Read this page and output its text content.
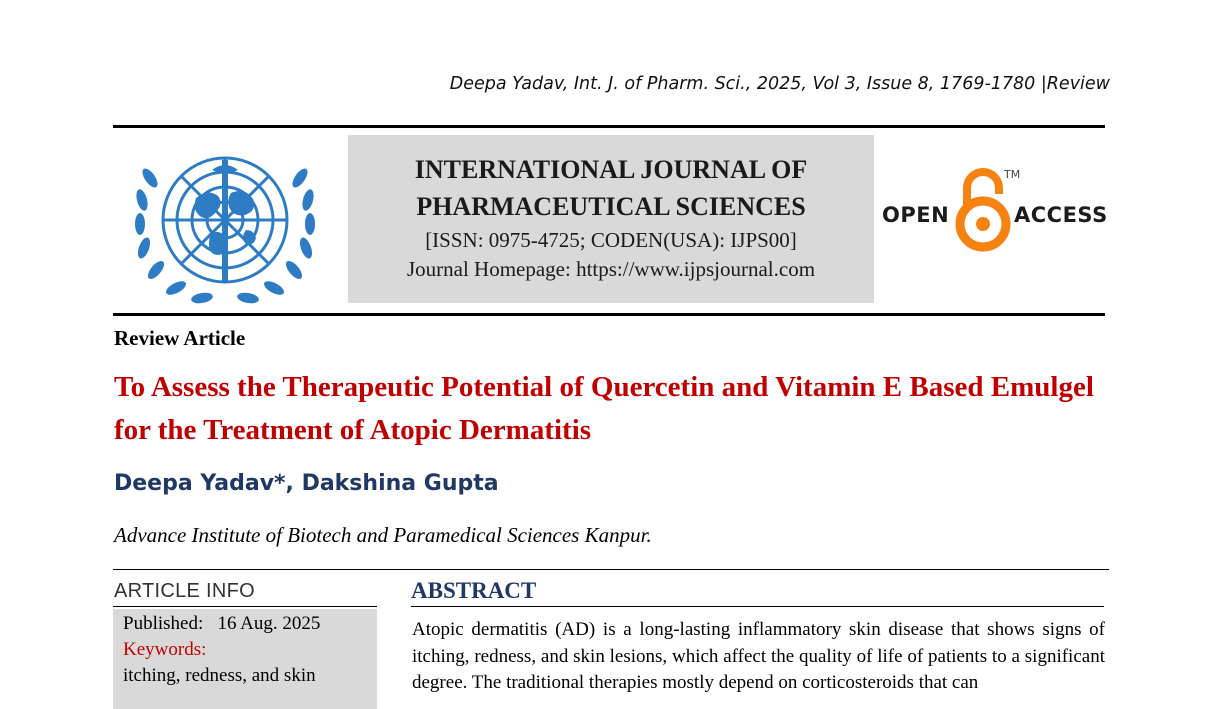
Deepa Yadav, Int. J. of Pharm. Sci., 2025, Vol 3, Issue 8, 1769-1780 |Review
INTERNATIONAL JOURNAL OF
PHARMACEUTICAL SCIENCES
[ISSN: 0975-4725; CODEN(USA): IJPS00]
Journal Homepage: https://www.ijpsjournal.com
OPEN
TM
ACCESS
Review Article
To Assess the Therapeutic Potential of Quercetin and Vitamin E Based Emulgel for the Treatment of Atopic Dermatitis
Deepa Yadav*, Dakshina Gupta
Advance Institute of Biotech and Paramedical Sciences Kanpur.
ARTICLE INFO
Published: 16 Aug. 2025
Keywords:
itching, redness, and skin
ABSTRACT
Atopic dermatitis (AD) is a long-lasting inflammatory skin disease that shows signs of itching, redness, and skin lesions, which affect the quality of life of patients to a significant degree. The traditional therapies mostly depend on corticosteroids that can
